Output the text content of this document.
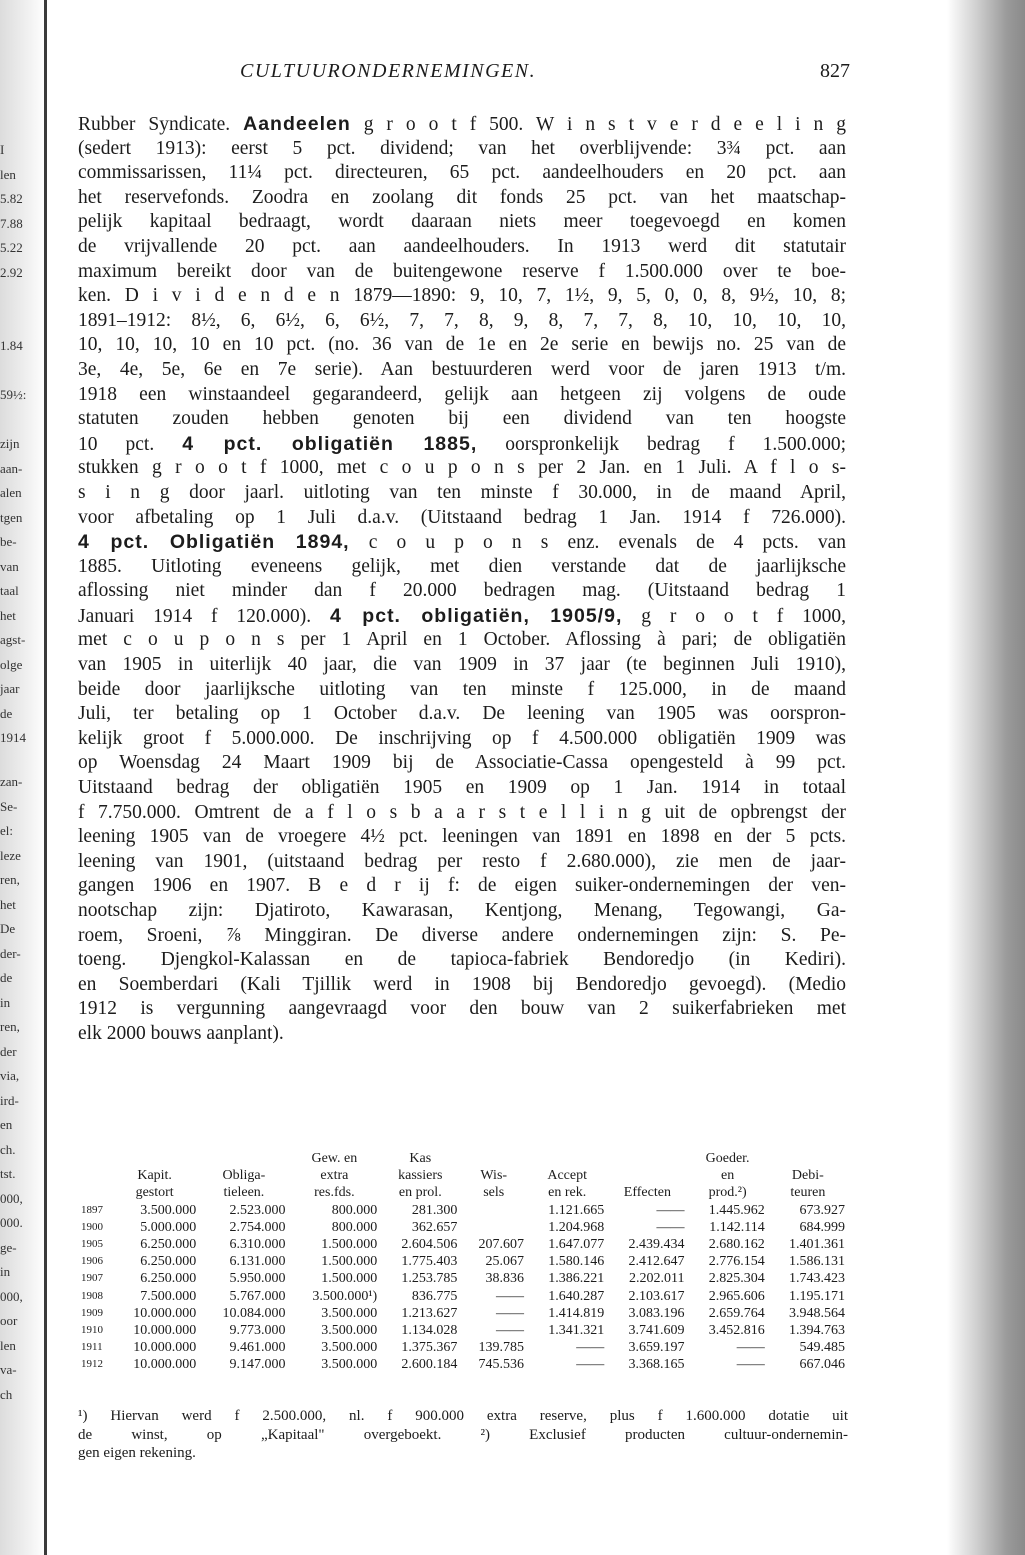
I
len
5.82
7.88
5.22
2.92

1.84

59½:

zijn
aan-
alen
tgen
be-
van
taal
het
agst-
olge
jaar
de
1914
zan-
Se-
el:
leze
ren,
het
De
der-
de
in
ren,
der
via,
ird-
en
ch.
tst.
000,
000.
ge-
in
000,
oor
len
va-
ch
CULTUURONDERNEMINGEN.	827
Rubber Syndicate. Aandeelen g r o o t f 500. W i n s t v e r d e e l i n g
(sedert 1913): eerst 5 pct. dividend; van het overblijvende: 3¾ pct. aan
commissarissen, 11¼ pct. directeuren, 65 pct. aandeelhouders en 20 pct. aan
het reservefonds. Zoodra en zoolang dit fonds 25 pct. van het maatschap-
pelijk kapitaal bedraagt, wordt daaraan niets meer toegevoegd en komen
de vrijvallende 20 pct. aan aandeelhouders. In 1913 werd dit statutair
maximum bereikt door van de buitengewone reserve f 1.500.000 over te boe-
ken. D i v i d e n d e n 1879—1890: 9, 10, 7, 1½, 9, 5, 0, 0, 8, 9½, 10, 8;
1891–1912: 8½, 6, 6½, 6, 6½, 7, 7, 8, 9, 8, 7, 7, 8, 10, 10, 10, 10,
10, 10, 10, 10 en 10 pct. (no. 36 van de 1e en 2e serie en bewijs no. 25 van de
3e, 4e, 5e, 6e en 7e serie). Aan bestuurderen werd voor de jaren 1913 t/m.
1918 een winstaandeel gegarandeerd, gelijk aan hetgeen zij volgens de oude
statuten zouden hebben genoten bij een dividend van ten hoogste
10 pct. 4 pct. obligatiën 1885, oorspronkelijk bedrag f 1.500.000;
stukken g r o o t f 1000, met c o u p o n s per 2 Jan. en 1 Juli. A f l o s-
s i n g door jaarl. uitloting van ten minste f 30.000, in de maand April,
voor afbetaling op 1 Juli d.a.v. (Uitstaand bedrag 1 Jan. 1914 f 726.000).
4 pct. Obligatiën 1894, c o u p o n s enz. evenals de 4 pcts. van
1885. Uitloting eveneens gelijk, met dien verstande dat de jaarlijksche
aflossing niet minder dan f 20.000 bedragen mag. (Uitstaand bedrag 1
Januari 1914 f 120.000). 4 pct. obligatiën, 1905/9, g r o o t f 1000,
met c o u p o n s per 1 April en 1 October. Aflossing à pari; de obligatiën
van 1905 in uiterlijk 40 jaar, die van 1909 in 37 jaar (te beginnen Juli 1910),
beide door jaarlijksche uitloting van ten minste f 125.000, in de maand
Juli, ter betaling op 1 October d.a.v. De leening van 1905 was oorspron-
kelijk groot f 5.000.000. De inschrijving op f 4.500.000 obligatiën 1909 was
op Woensdag 24 Maart 1909 bij de Associatie-Cassa opengesteld à 99 pct.
Uitstaand bedrag der obligatiën 1905 en 1909 op 1 Jan. 1914 in totaal
f 7.750.000. Omtrent de a f l o s b a a r s t e l l i n g uit de opbrengst der
leening 1905 van de vroegere 4½ pct. leeningen van 1891 en 1898 en der 5 pcts.
leening van 1901, (uitstaand bedrag per resto f 2.680.000), zie men de jaar-
gangen 1906 en 1907. B e d r ij f: de eigen suiker-ondernemingen der ven-
nootschap zijn: Djatiroto, Kawarasan, Kentjong, Menang, Tegowangi, Ga-
roem, Sroeni, ⅞ Minggiran. De diverse andere ondernemingen zijn: S. Pe-
toeng. Djengkol-Kalassan en de tapioca-fabriek Bendoredjo (in Kediri).
en Soemberdari (Kali Tjillik werd in 1908 bij Bendoredjo gevoegd). (Medio
1912 is vergunning aangevraagd voor den bouw van 2 suikerfabrieken met
elk 2000 bouws aanplant).
			Gew. en	Kas				Goeder.	
	Kapit.	Obliga-	extra	kassiers	Wis-	Accept		en	Debi-
	gestort	tieleen.	res.fds.	en prol.	sels	en rek.	Effecten	prod.²)	teuren
1897	3.500.000	2.523.000	800.000	281.300		1.121.665	——	1.445.962	673.927
1900	5.000.000	2.754.000	800.000	362.657		1.204.968	——	1.142.114	684.999
1905	6.250.000	6.310.000	1.500.000	2.604.506	207.607	1.647.077	2.439.434	2.680.162	1.401.361
1906	6.250.000	6.131.000	1.500.000	1.775.403	25.067	1.580.146	2.412.647	2.776.154	1.586.131
1907	6.250.000	5.950.000	1.500.000	1.253.785	38.836	1.386.221	2.202.011	2.825.304	1.743.423
1908	7.500.000	5.767.000	3.500.000¹)	836.775	——	1.640.287	2.103.617	2.965.606	1.195.171
1909	10.000.000	10.084.000	3.500.000	1.213.627	——	1.414.819	3.083.196	2.659.764	3.948.564
1910	10.000.000	9.773.000	3.500.000	1.134.028	——	1.341.321	3.741.609	3.452.816	1.394.763
1911	10.000.000	9.461.000	3.500.000	1.375.367	139.785	——	3.659.197	——	549.485
1912	10.000.000	9.147.000	3.500.000	2.600.184	745.536	——	3.368.165	——	667.046
¹) Hiervan werd f 2.500.000, nl. f 900.000 extra reserve, plus f 1.600.000 dotatie uit
de winst, op „Kapitaal" overgeboekt. ²) Exclusief producten cultuur-ondernemin-
gen eigen rekening.
